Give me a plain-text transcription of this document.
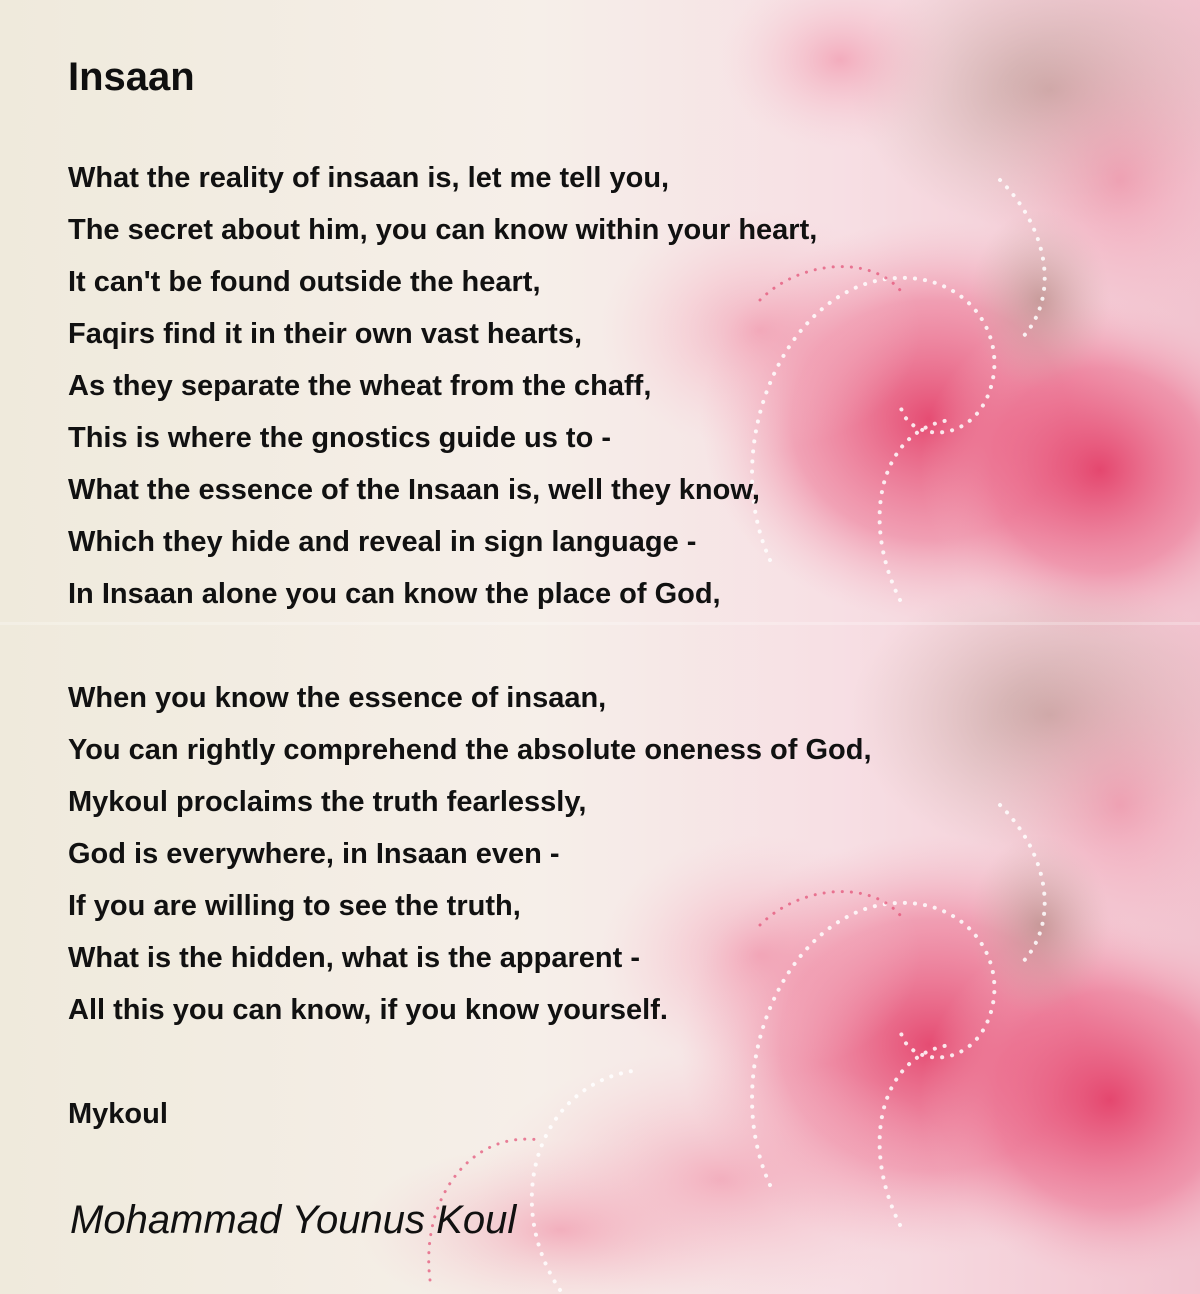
Insaan
What the reality of insaan is, let me tell you,
The secret about him, you can know within your heart,
It can't be found outside the heart,
Faqirs find it in their own vast hearts,
As they separate the wheat from the chaff,
This is where the gnostics guide us to -
What the essence of the Insaan is, well they know,
Which they hide and reveal in sign language -
In Insaan alone you can know the place of God,
When you know the essence of insaan,
You can rightly comprehend the absolute oneness of God,
Mykoul proclaims the truth fearlessly,
God is everywhere, in Insaan even -
If you are willing to see the truth,
What is the hidden, what is the apparent -
All this you can know, if you know yourself.
Mykoul
Mohammad Younus Koul
